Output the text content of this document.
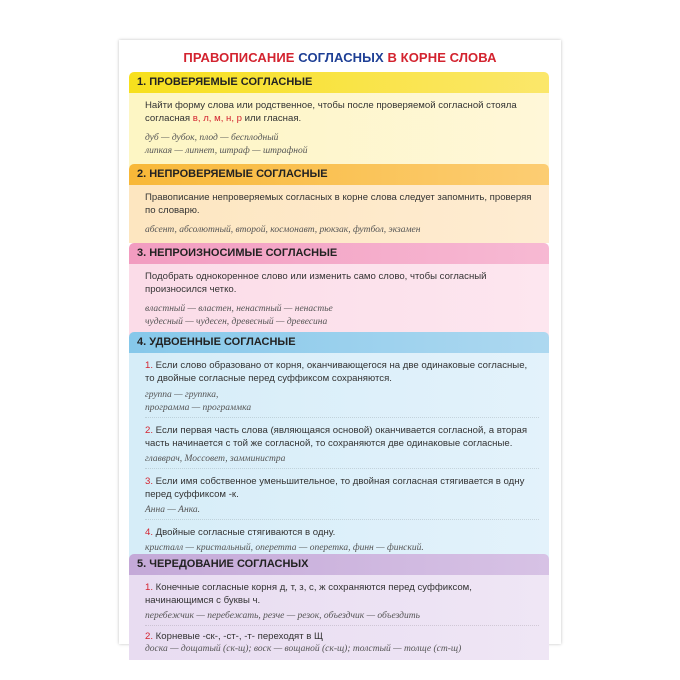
ПРАВОПИСАНИЕ СОГЛАСНЫХ В КОРНЕ СЛОВА
1. ПРОВЕРЯЕМЫЕ СОГЛАСНЫЕ

Найти форму слова или родственное, чтобы после проверяемой согласной стояла согласная в, л, м, н, р или гласная.

дуб — дубок, плод — бесплодный
липкая — липнет, штраф — штрафной
2. НЕПРОВЕРЯЕМЫЕ СОГЛАСНЫЕ

Правописание непроверяемых согласных в корне слова следует запомнить, проверяя по словарю.

абсент, абсолютный, второй, космонавт, рюкзак, футбол, экзамен
3. НЕПРОИЗНОСИМЫЕ СОГЛАСНЫЕ

Подобрать однокоренное слово или изменить само слово, чтобы согласный произносился четко.

властный — властен, ненастный — ненастье
чудесный — чудесен, древесный — древесина
4. УДВОЕННЫЕ СОГЛАСНЫЕ

1. Если слово образовано от корня, оканчивающегося на две одинаковые согласные, то двойные согласные перед суффиксом сохраняются.

группа — группка,
программа — программка

2. Если первая часть слова (являющаяся основой) оканчивается согласной, а вторая часть начинается с той же согласной, то сохраняются две одинаковые согласные.

главврач, Моссовет, замминистра

3. Если имя собственное уменьшительное, то двойная согласная стягивается в одну перед суффиксом -к.

Анна — Анка.

4. Двойные согласные стягиваются в одну.

кристалл — кристальный, оперетта — оперетка, финн — финский.
5. ЧЕРЕДОВАНИЕ СОГЛАСНЫХ

1. Конечные согласные корня д, т, з, с, ж сохраняются перед суффиксом, начинающимся с буквы ч.

перебежчик — перебежать, резче — резок, объездчик — объездить

2. Корневые -ск-, -ст-, -т- переходят в Щ

доска — дощатый (ск-щ); воск — вощаной (ск-щ); толстый — толще (ст-щ)
